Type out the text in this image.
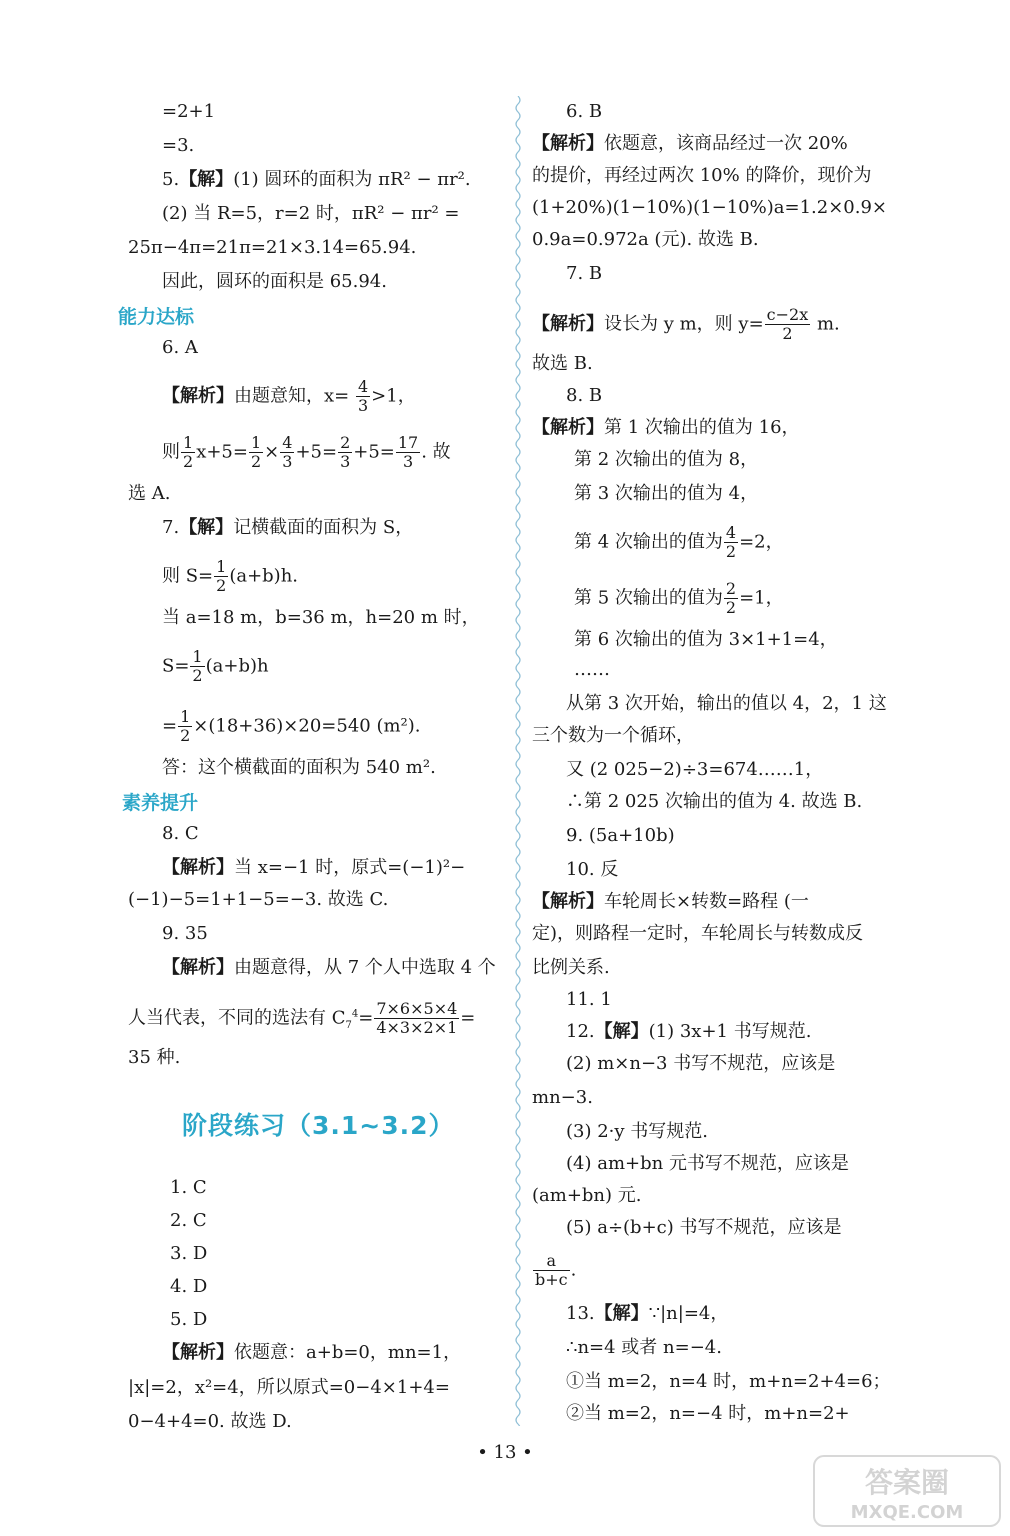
=2+1
=3.
5.【解】(1) 圆环的面积为 πR² − πr².
(2) 当 R=5，r=2 时，πR² − πr² =
25π−4π=21π=21×3.14=65.94.
因此，圆环的面积是 65.94.
能力达标
6. A
【解析】由题意知，$x= \frac{4}{3} >1$，
则 $\frac{1}{2} x+5= \frac{1}{2} \times \frac{4}{3} +5= \frac{2}{3} +5= \frac{17}{3}$ . 故
选 A.
7.【解】记横截面的面积为 S，
则 $S= \frac{1}{2} (a+b)h$.
当 a=18 m，b=36 m，h=20 m 时，
$S= \frac{1}{2} (a+b)h$
= $\frac{1}{2} \times(18+36)\times 20=540$ (m²).
答：这个横截面的面积为 540 m².
素养提升
8. C
【解析】当 x=−1 时，原式=(−1)²−
(−1)−5=1+1−5=−3. 故选 C.
9. 35
【解析】由题意得，从 7 个人中选取 4 个
人当代表，不同的选法有 $C_7^4= \frac{7\times 6\times 5\times 4}{4\times 3\times 2\times 1}$ =
35 种.
阶段练习（3.1~3.2）
1. C
2. C
3. D
4. D
5. D
【解析】依题意：a+b=0，mn=1，
|x|=2，x²=4，所以原式=0−4×1+4=
0−4+4=0. 故选 D.
6. B
【解析】依题意，该商品经过一次 20%
的提价，再经过两次 10% 的降价，现价为
(1+20%)(1−10%)(1−10%)a=1.2×0.9×
0.9a=0.972a (元). 故选 B.
7. B
【解析】设长为 y m，则 $y= \frac{c-2x}{2} m$.
故选 B.
8. B
【解析】第 1 次输出的值为 16，
第 2 次输出的值为 8，
第 3 次输出的值为 4，
第 4 次输出的值为 $\frac{4}{2} =2$，
第 5 次输出的值为 $\frac{2}{2} =1$，
第 6 次输出的值为 3×1+1=4，
……
从第 3 次开始，输出的值以 4，2，1 这
三个数为一个循环，
又 (2 025−2)÷3=674……1，
∴第 2 025 次输出的值为 4. 故选 B.
9. (5a+10b)
10. 反
【解析】车轮周长×转数=路程 (一
定)，则路程一定时，车轮周长与转数成反
比例关系.
11. 1
12.【解】(1) 3x+1 书写规范.
(2) m×n−3 书写不规范，应该是
mn−3.
(3) 2·y 书写规范.
(4) am+bn 元书写不规范，应该是
(am+bn) 元.
(5) a÷(b+c) 书写不规范，应该是
$\frac{a}{b+c}$ .
13.【解】∵|n|=4，
∴n=4 或者 n=−4.
①当 m=2，n=4 时，m+n=2+4=6；
②当 m=2，n=−4 时，m+n=2+
• 13 •
答案圈
MXQE.COM
